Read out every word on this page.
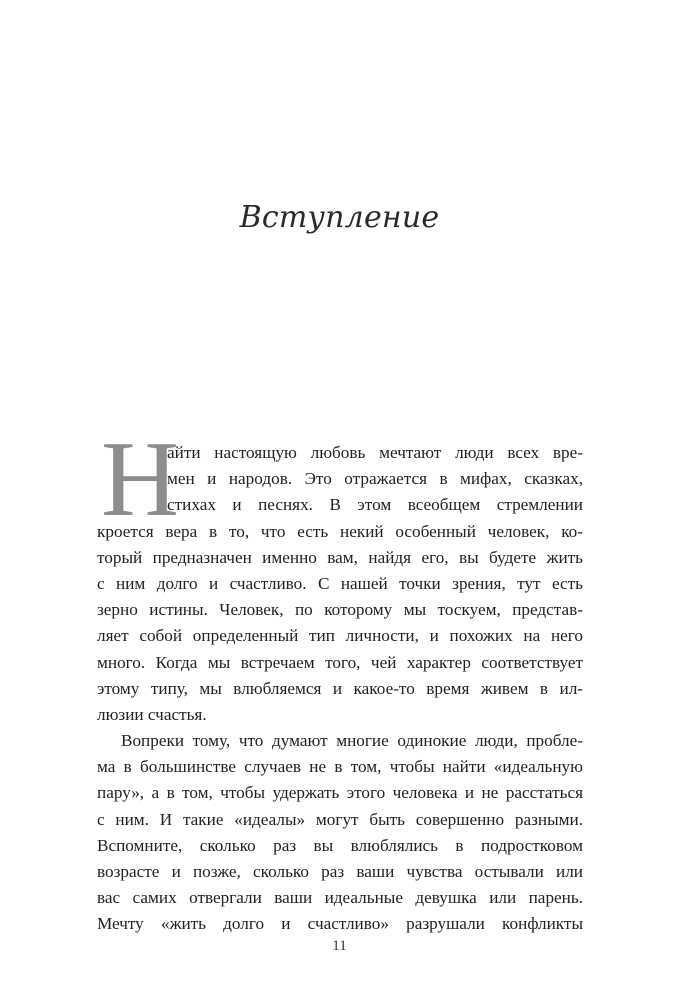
Вступление
Н
айти настоящую любовь мечтают люди всех вре-
мен и народов. Это отражается в мифах, сказках,
стихах и песнях. В этом всеобщем стремлении
кроется вера в то, что есть некий особенный человек, ко-
торый предназначен именно вам, найдя его, вы будете жить
с ним долго и счастливо. С нашей точки зрения, тут есть
зерно истины. Человек, по которому мы тоскуем, представ-
ляет собой определенный тип личности, и похожих на него
много. Когда мы встречаем того, чей характер соответствует
этому типу, мы влюбляемся и какое-то время живем в ил-
люзии счастья.
Вопреки тому, что думают многие одинокие люди, пробле-
ма в большинстве случаев не в том, чтобы найти «идеальную
пару», а в том, чтобы удержать этого человека и не расстаться
с ним. И такие «идеалы» могут быть совершенно разными.
Вспомните, сколько раз вы влюблялись в подростковом
возрасте и позже, сколько раз ваши чувства остывали или
вас самих отвергали ваши идеальные девушка или парень.
Мечту «жить долго и счастливо» разрушали конфликты
11
